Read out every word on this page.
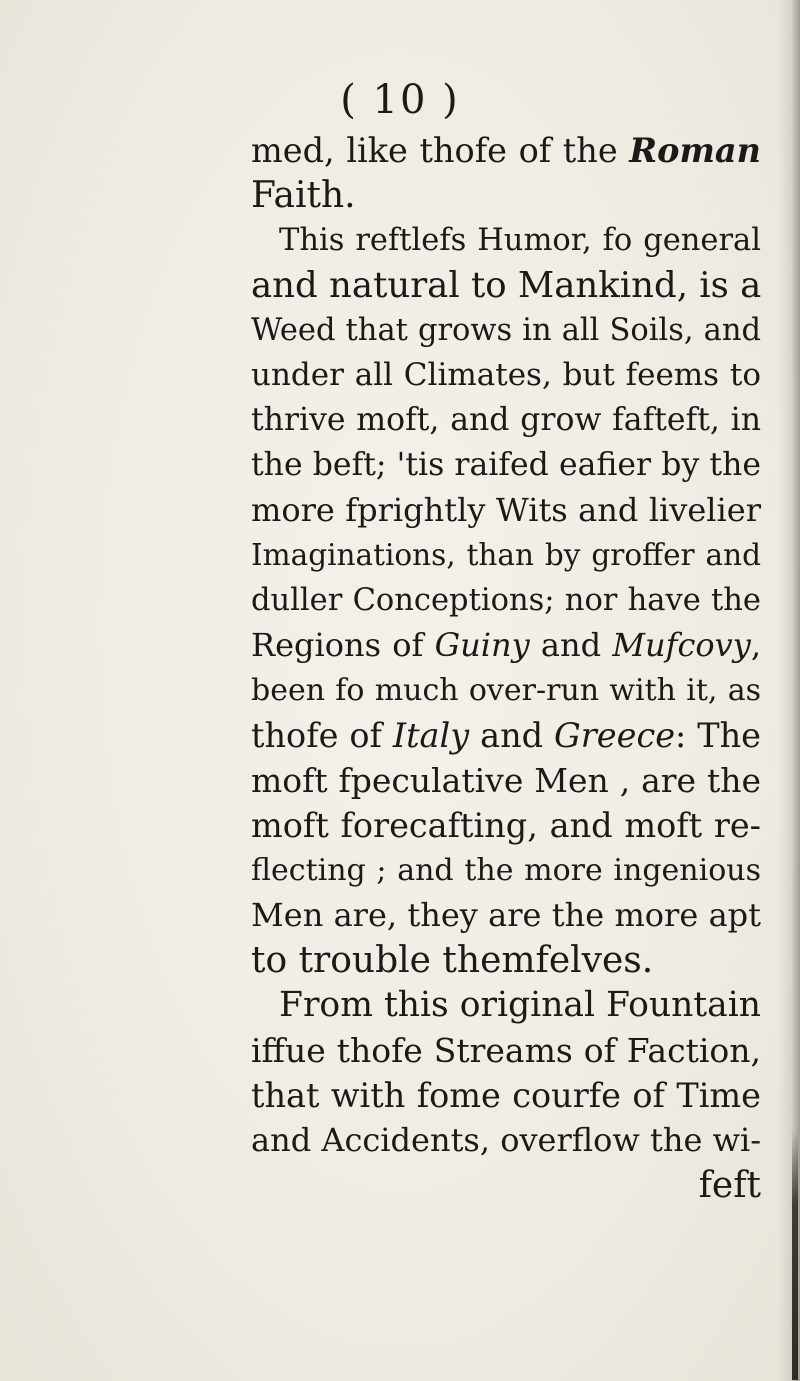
( 10 )
med, like thofe of the Roman
Faith.
This reftlefs Humor, fo general
and natural to Mankind, is a
Weed that grows in all Soils, and
under all Climates, but feems to
thrive moft, and grow fafteft, in
the beft; 'tis raifed eafier by the
more fprightly Wits and livelier
Imaginations, than by groffer and
duller Conceptions; nor have the
Regions of Guiny and Mufcovy,
been fo much over-run with it, as
thofe of Italy and Greece: The
moft fpeculative Men , are the
moft forecafting, and moft re-
flecting ; and the more ingenious
Men are, they are the more apt
to trouble themfelves.
From this original Fountain
iffue thofe Streams of Faction,
that with fome courfe of Time
and Accidents, overflow the wi-
feft
